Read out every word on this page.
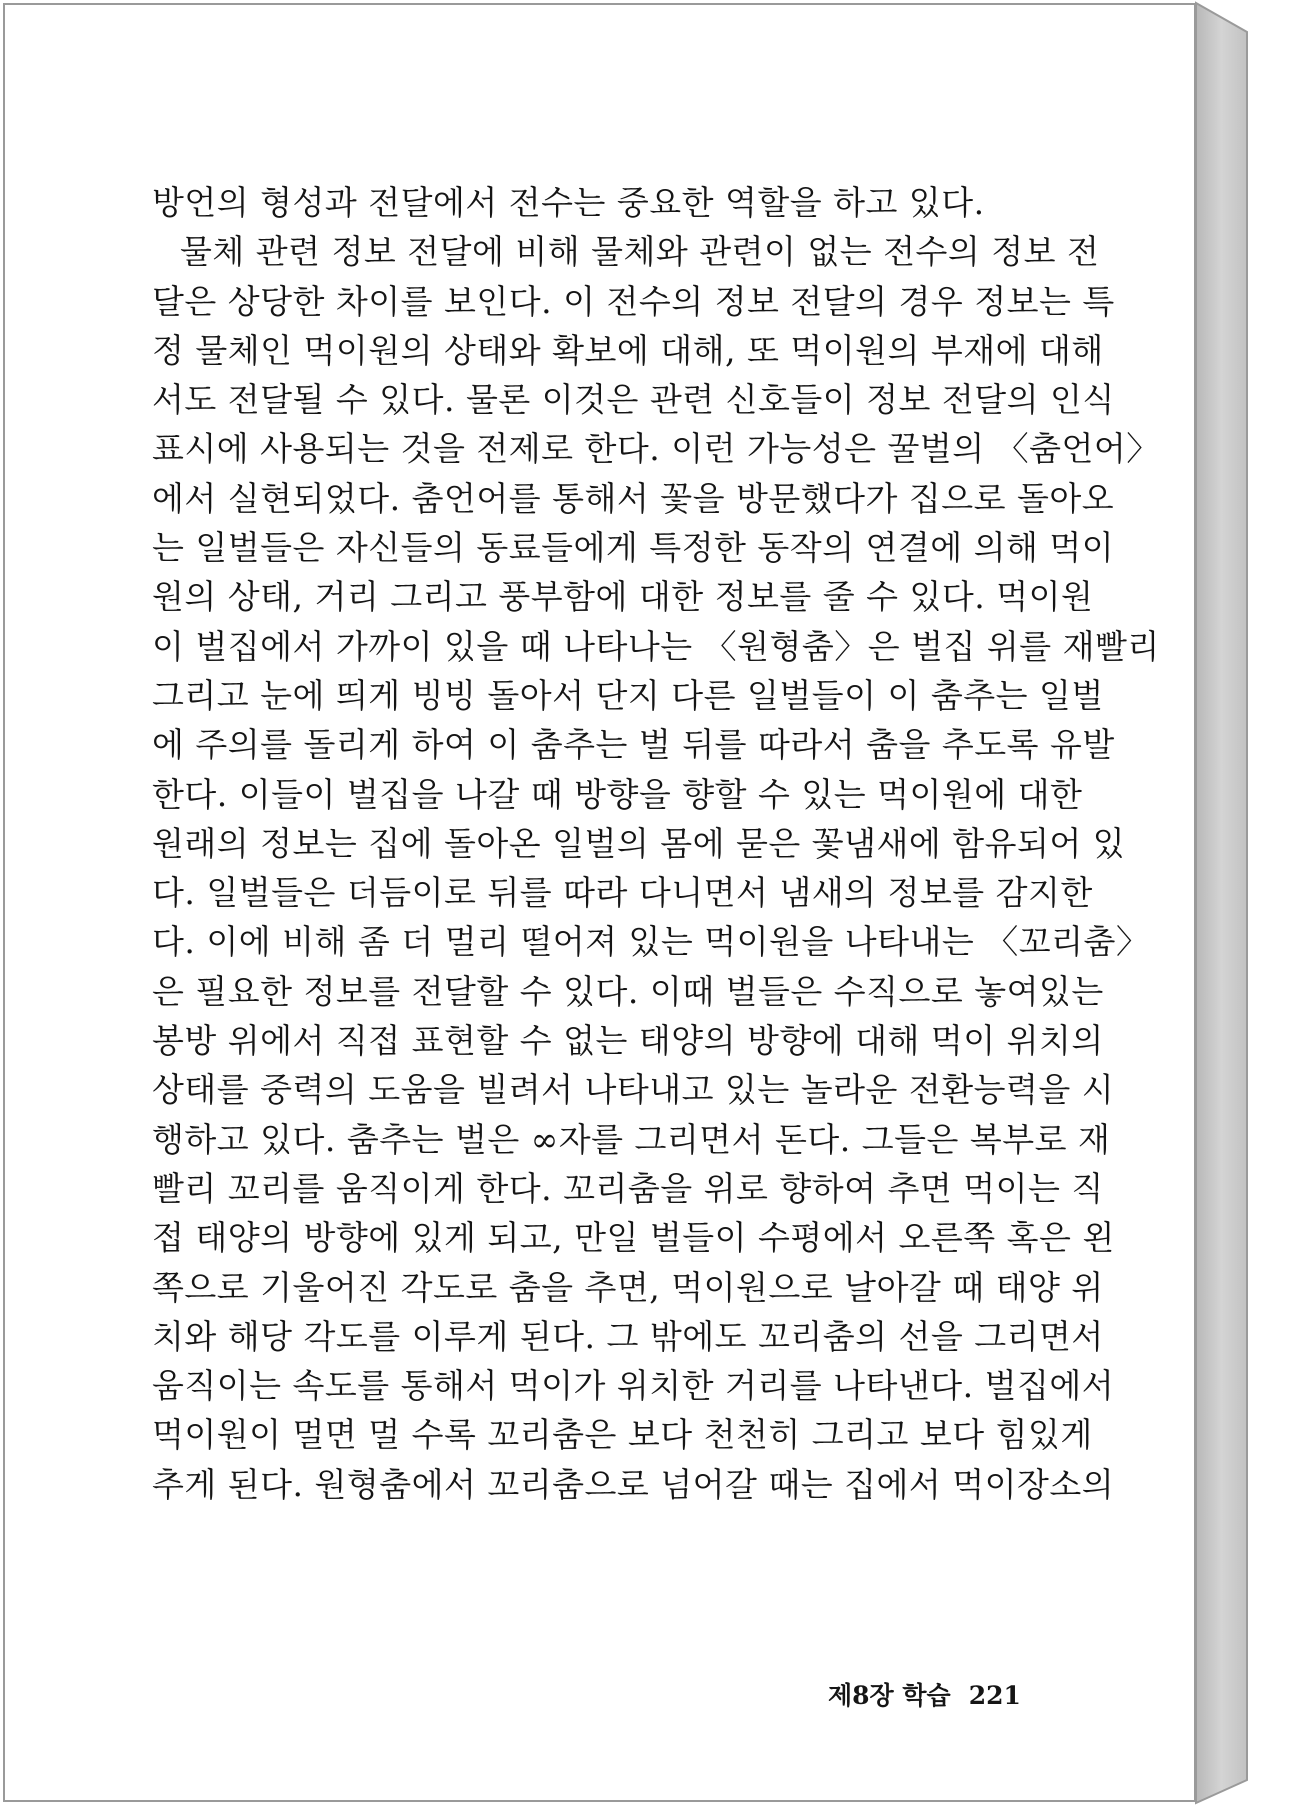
방언의 형성과 전달에서 전수는 중요한 역할을 하고 있다.
물체 관련 정보 전달에 비해 물체와 관련이 없는 전수의 정보 전
달은 상당한 차이를 보인다. 이 전수의 정보 전달의 경우 정보는 특
정 물체인 먹이원의 상태와 확보에 대해, 또 먹이원의 부재에 대해
서도 전달될 수 있다. 물론 이것은 관련 신호들이 정보 전달의 인식
표시에 사용되는 것을 전제로 한다. 이런 가능성은 꿀벌의 〈춤언어〉
에서 실현되었다. 춤언어를 통해서 꽃을 방문했다가 집으로 돌아오
는 일벌들은 자신들의 동료들에게 특정한 동작의 연결에 의해 먹이
원의 상태, 거리 그리고 풍부함에 대한 정보를 줄 수 있다. 먹이원
이 벌집에서 가까이 있을 때 나타나는 〈원형춤〉은 벌집 위를 재빨리
그리고 눈에 띄게 빙빙 돌아서 단지 다른 일벌들이 이 춤추는 일벌
에 주의를 돌리게 하여 이 춤추는 벌 뒤를 따라서 춤을 추도록 유발
한다. 이들이 벌집을 나갈 때 방향을 향할 수 있는 먹이원에 대한
원래의 정보는 집에 돌아온 일벌의 몸에 묻은 꽃냄새에 함유되어 있
다. 일벌들은 더듬이로 뒤를 따라 다니면서 냄새의 정보를 감지한
다. 이에 비해 좀 더 멀리 떨어져 있는 먹이원을 나타내는 〈꼬리춤〉
은 필요한 정보를 전달할 수 있다. 이때 벌들은 수직으로 놓여있는
봉방 위에서 직접 표현할 수 없는 태양의 방향에 대해 먹이 위치의
상태를 중력의 도움을 빌려서 나타내고 있는 놀라운 전환능력을 시
행하고 있다. 춤추는 벌은 ∞자를 그리면서 돈다. 그들은 복부로 재
빨리 꼬리를 움직이게 한다. 꼬리춤을 위로 향하여 추면 먹이는 직
접 태양의 방향에 있게 되고, 만일 벌들이 수평에서 오른쪽 혹은 왼
쪽으로 기울어진 각도로 춤을 추면, 먹이원으로 날아갈 때 태양 위
치와 해당 각도를 이루게 된다. 그 밖에도 꼬리춤의 선을 그리면서
움직이는 속도를 통해서 먹이가 위치한 거리를 나타낸다. 벌집에서
먹이원이 멀면 멀 수록 꼬리춤은 보다 천천히 그리고 보다 힘있게
추게 된다. 원형춤에서 꼬리춤으로 넘어갈 때는 집에서 먹이장소의
제8장 학습 221
